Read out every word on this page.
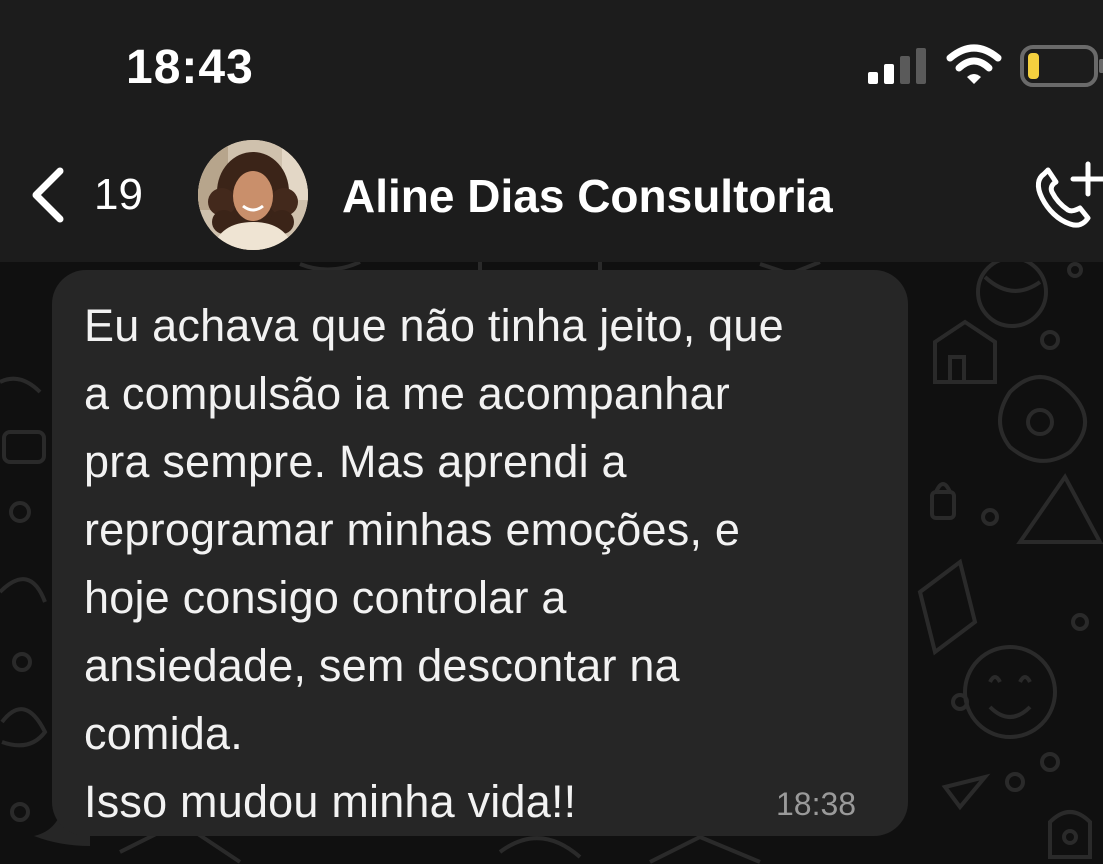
18:43
19	Aline Dias Consultoria
Eu achava que não tinha jeito, que
a compulsão ia me acompanhar
pra sempre. Mas aprendi a
reprogramar minhas emoções, e
hoje consigo controlar a
ansiedade, sem descontar na
comida.
Isso mudou minha vida!!	18:38
